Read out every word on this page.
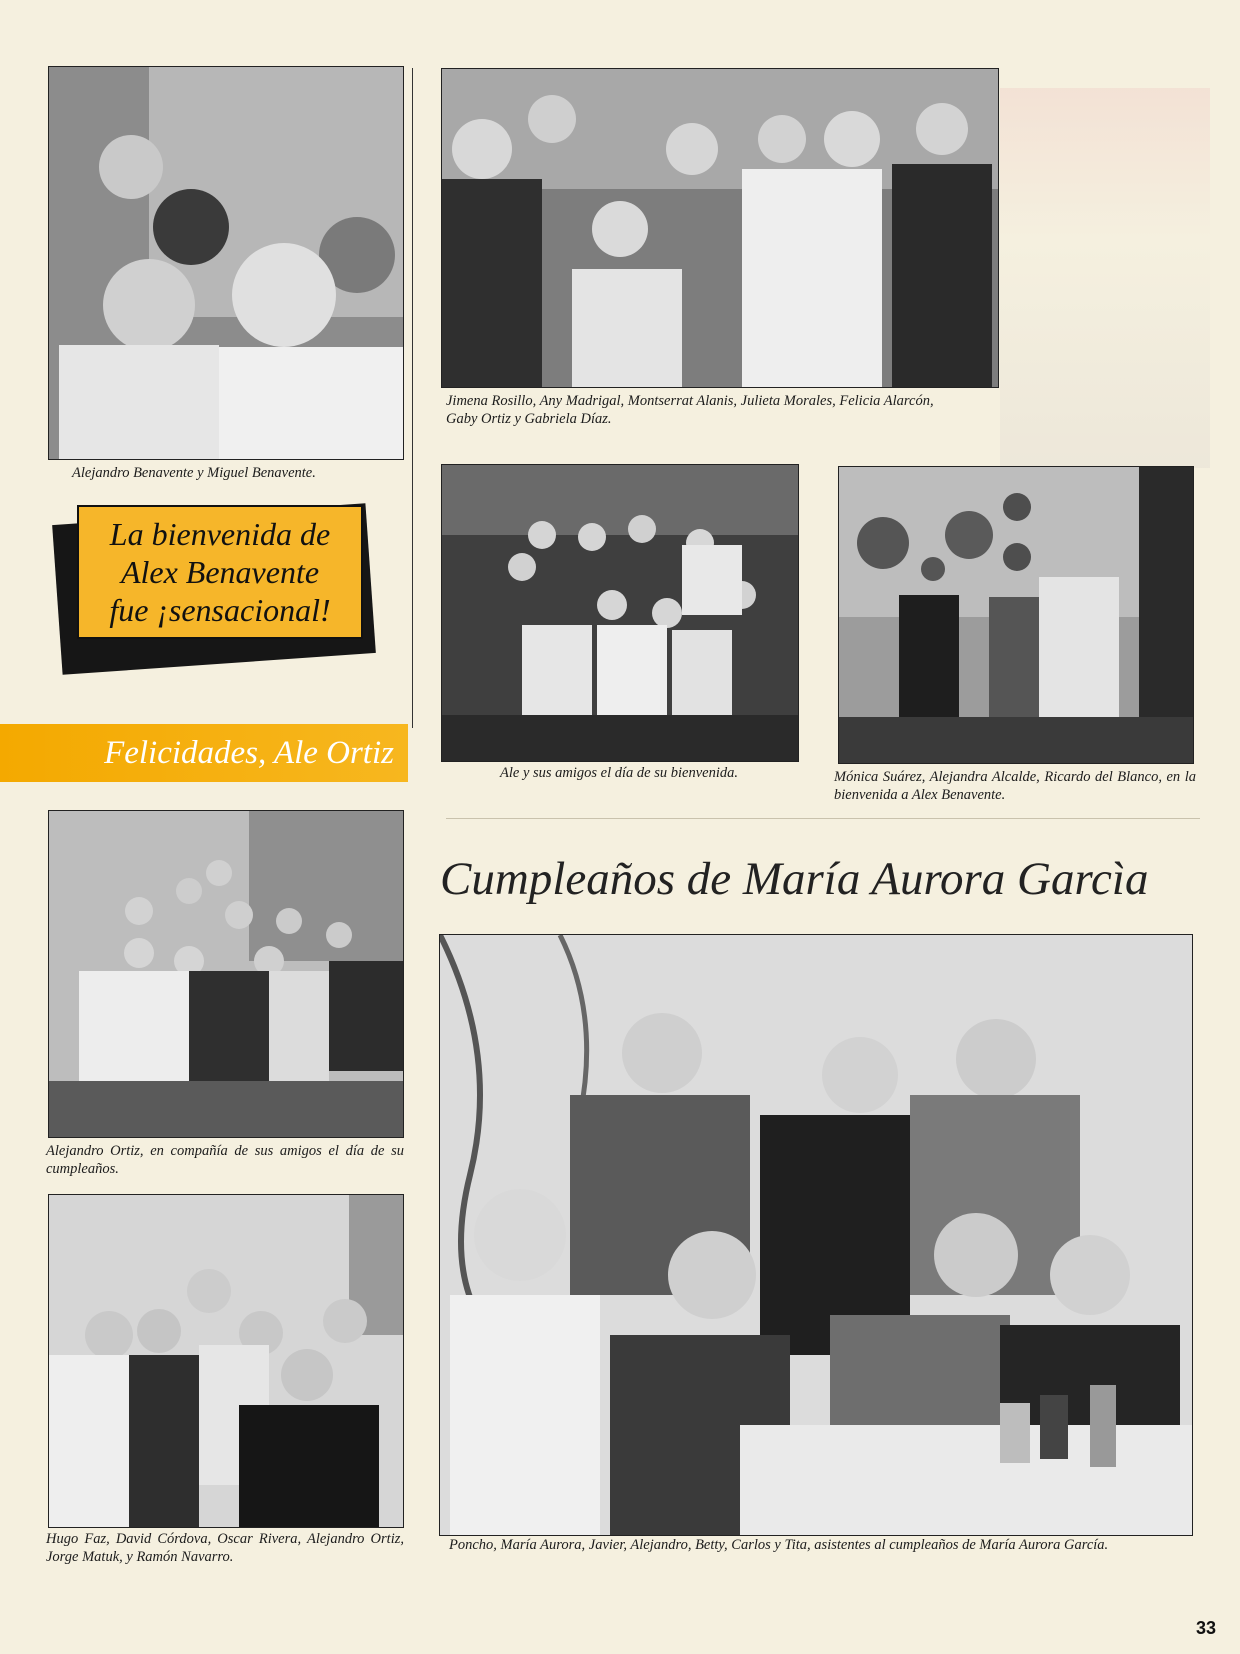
Alejandro Benavente y Miguel Benavente.
Jimena Rosillo, Any Madrigal, Montserrat Alanis, Julieta Morales, Felicia Alarcón, Gaby Ortiz y Gabriela Díaz.
La bienvenida de
Alex Benavente
fue ¡sensacional!
Felicidades, Ale Ortiz
Ale y sus amigos el día de su bienvenida.	Mónica Suárez, Alejandra Alcalde, Ricardo del Blanco, en la bienvenida a Alex Benavente.
Alejandro Ortiz, en compañía de sus amigos el día de su cumpleaños.
Hugo Faz, David Córdova, Oscar Rivera, Alejandro Ortiz, Jorge Matuk, y Ramón Navarro.
Cumpleaños de María Aurora Garcìa
Poncho, María Aurora, Javier, Alejandro, Betty, Carlos y Tita, asistentes al cumpleaños de María Aurora García.
33
